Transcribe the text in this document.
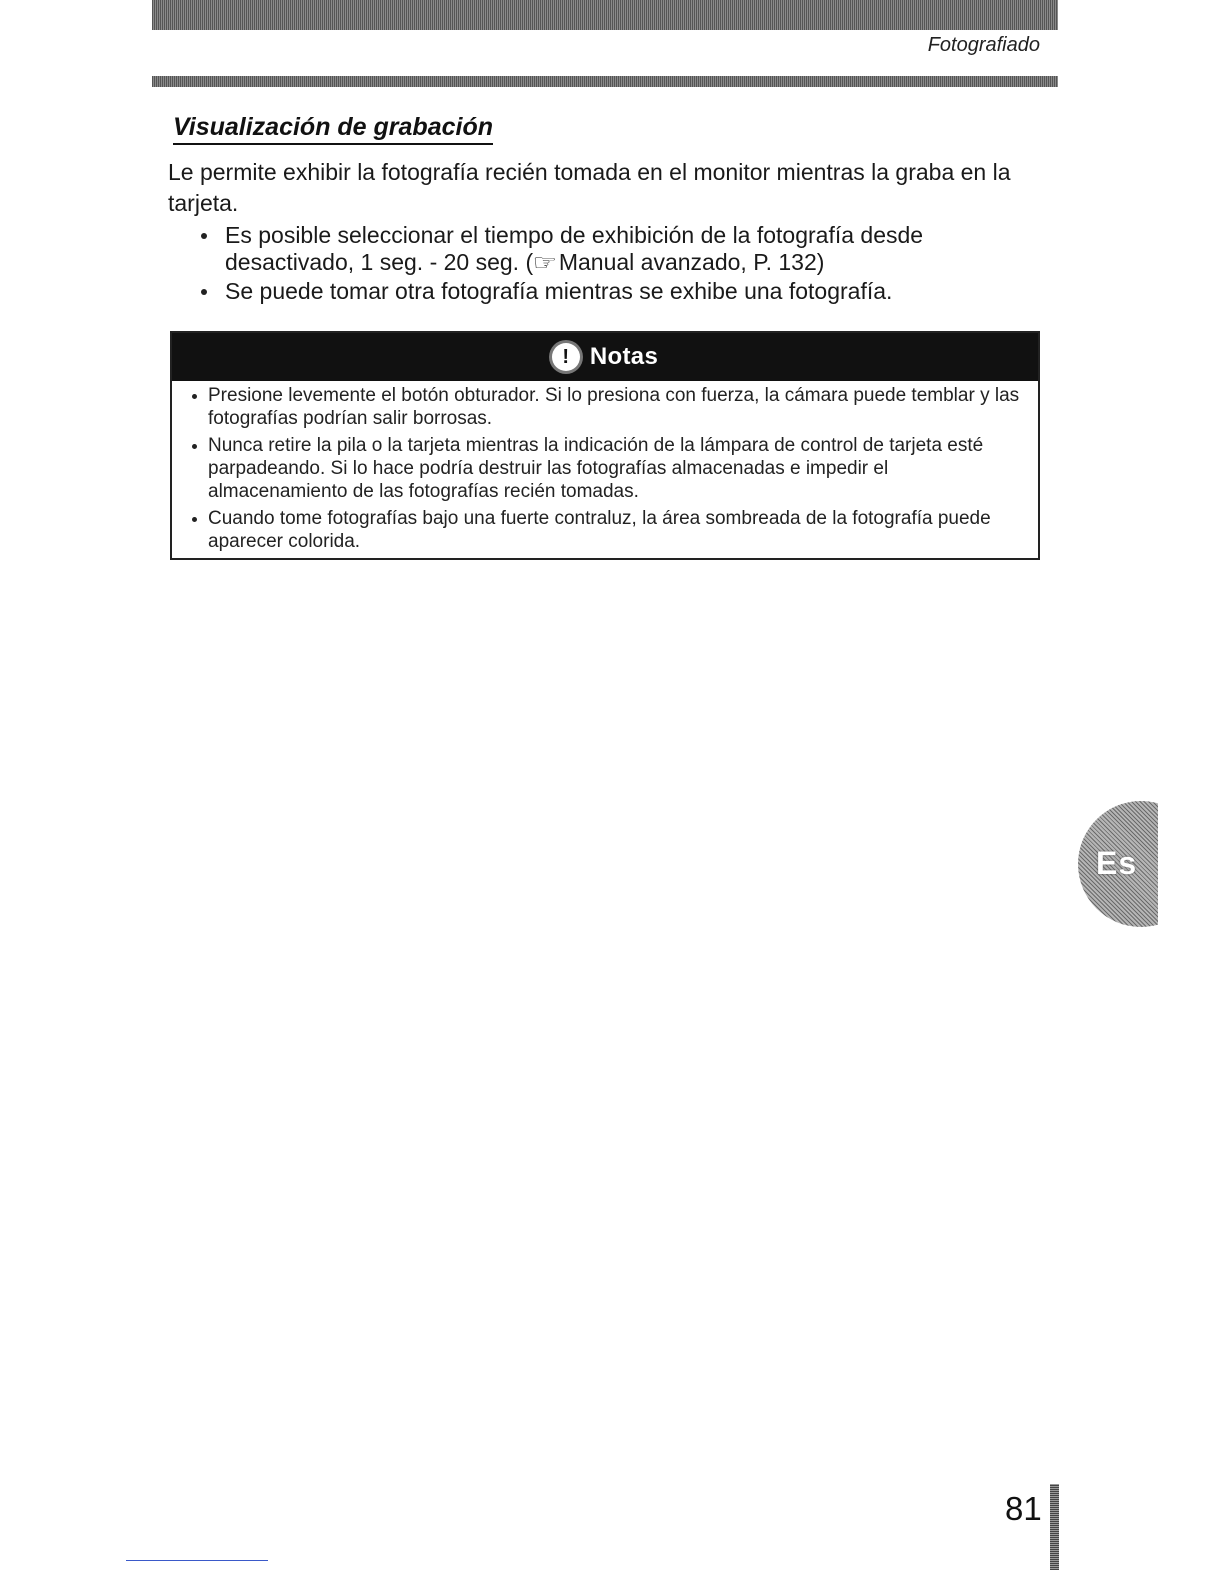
Fotografiado
Visualización de grabación

Le permite exhibir la fotografía recién tomada en el monitor mientras la graba en la tarjeta.

Es posible seleccionar el tiempo de exhibición de la fotografía desde desactivado, 1 seg. - 20 seg. (☞Manual avanzado, P. 132)
Se puede tomar otra fotografía mientras se exhibe una fotografía.
! Notas
Presione levemente el botón obturador. Si lo presiona con fuerza, la cámara puede temblar y las fotografías podrían salir borrosas.
Nunca retire la pila o la tarjeta mientras la indicación de la lámpara de control de tarjeta esté parpadeando. Si lo hace podría destruir las fotografías almacenadas e impedir el almacenamiento de las fotografías recién tomadas.
Cuando tome fotografías bajo una fuerte contraluz, la área sombreada de la fotografía puede aparecer colorida.
Es
81
